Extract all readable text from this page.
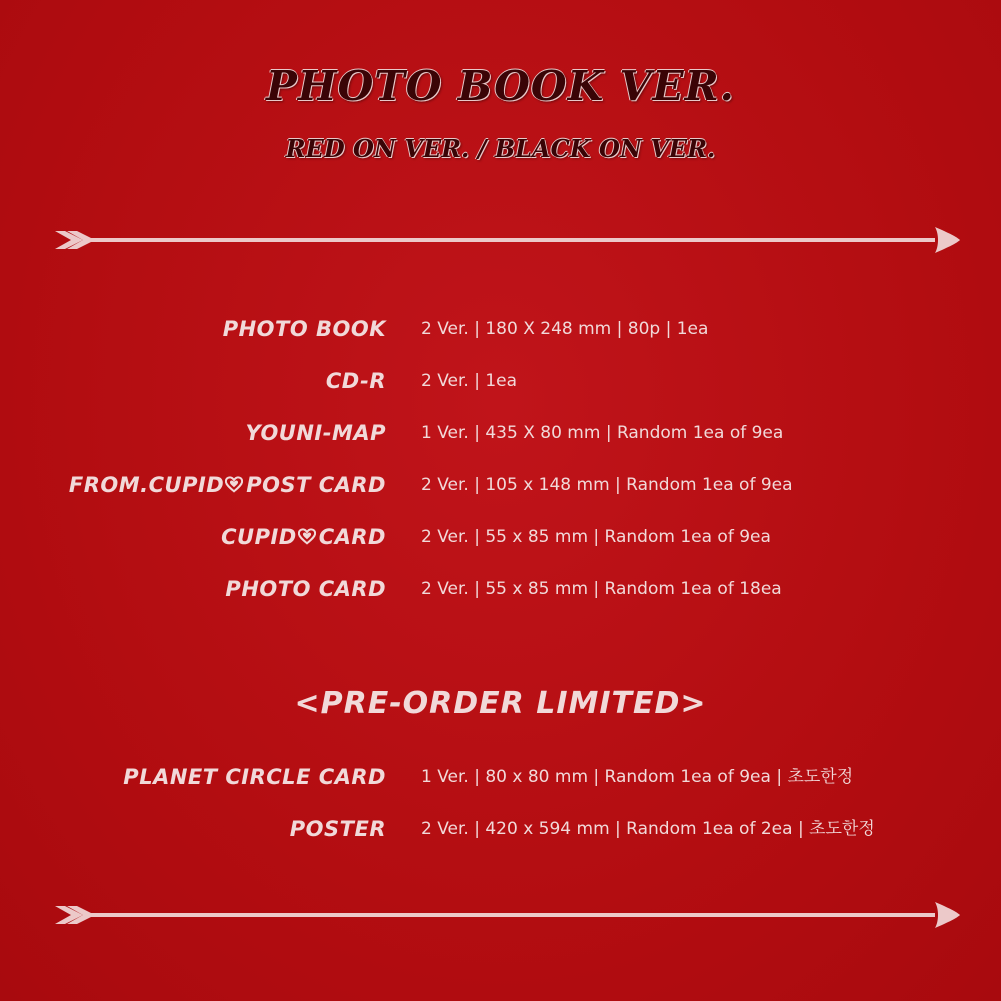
PHOTO BOOK VER.
RED ON VER. / BLACK ON VER.
PHOTO BOOK 2 Ver. | 180 X 248 mm | 80p | 1ea
CD-R 2 Ver. | 1ea
YOUNI-MAP 1 Ver. | 435 X 80 mm | Random 1ea of 9ea
FROM.CUPID POST CARD 2 Ver. | 105 x 148 mm | Random 1ea of 9ea
CUPID CARD 2 Ver. | 55 x 85 mm | Random 1ea of 9ea
PHOTO CARD 2 Ver. | 55 x 85 mm | Random 1ea of 18ea
<PRE-ORDER LIMITED>
PLANET CIRCLE CARD 1 Ver. | 80 x 80 mm | Random 1ea of 9ea | 초도한정
POSTER 2 Ver. | 420 x 594 mm | Random 1ea of 2ea | 초도한정
